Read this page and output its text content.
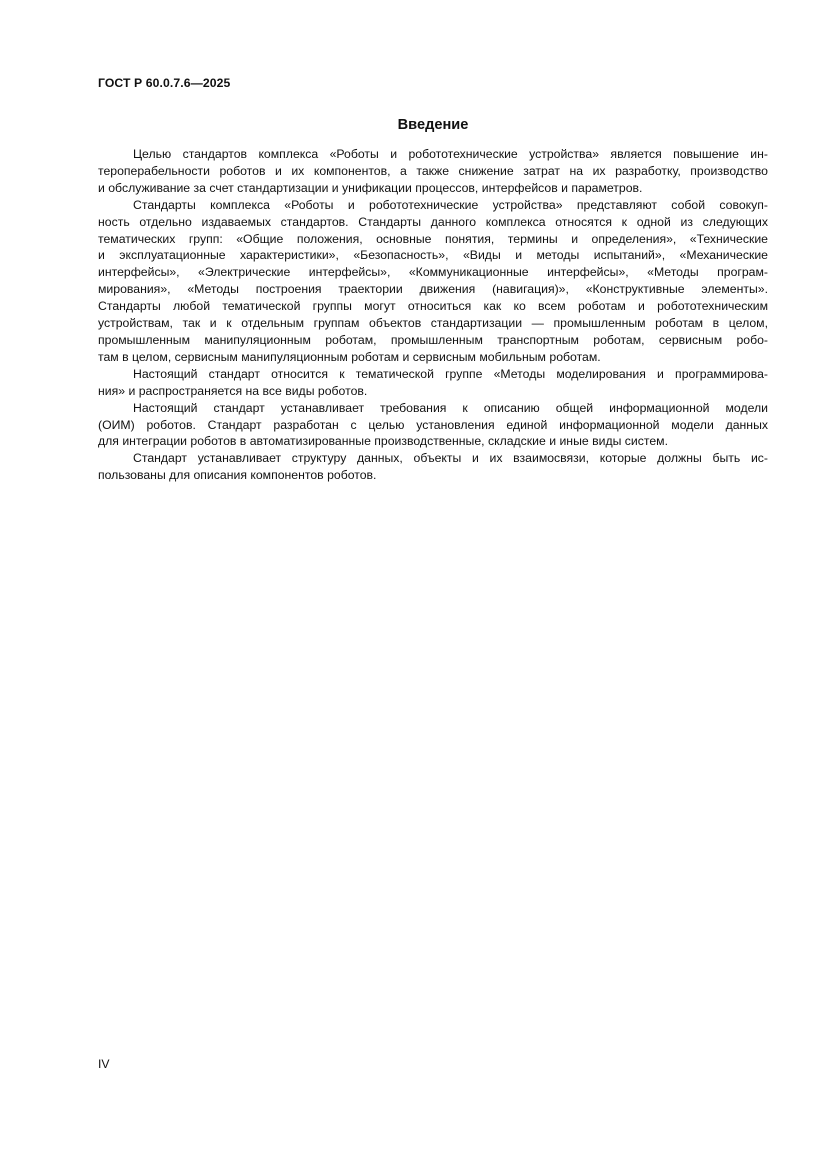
ГОСТ Р 60.0.7.6—2025
Введение
Целью стандартов комплекса «Роботы и робототехнические устройства» является повышение ин-
тероперабельности роботов и их компонентов, а также снижение затрат на их разработку, производство
и обслуживание за счет стандартизации и унификации процессов, интерфейсов и параметров.
Стандарты комплекса «Роботы и робототехнические устройства» представляют собой совокуп-
ность отдельно издаваемых стандартов. Стандарты данного комплекса относятся к одной из следующих
тематических групп: «Общие положения, основные понятия, термины и определения», «Технические
и эксплуатационные характеристики», «Безопасность», «Виды и методы испытаний», «Механические
интерфейсы», «Электрические интерфейсы», «Коммуникационные интерфейсы», «Методы програм-
мирования», «Методы построения траектории движения (навигация)», «Конструктивные элементы».
Стандарты любой тематической группы могут относиться как ко всем роботам и робототехническим
устройствам, так и к отдельным группам объектов стандартизации — промышленным роботам в целом,
промышленным манипуляционным роботам, промышленным транспортным роботам, сервисным робо-
там в целом, сервисным манипуляционным роботам и сервисным мобильным роботам.
Настоящий стандарт относится к тематической группе «Методы моделирования и программирова-
ния» и распространяется на все виды роботов.
Настоящий стандарт устанавливает требования к описанию общей информационной модели
(ОИМ) роботов. Стандарт разработан с целью установления единой информационной модели данных
для интеграции роботов в автоматизированные производственные, складские и иные виды систем.
Стандарт устанавливает структуру данных, объекты и их взаимосвязи, которые должны быть ис-
пользованы для описания компонентов роботов.
IV
